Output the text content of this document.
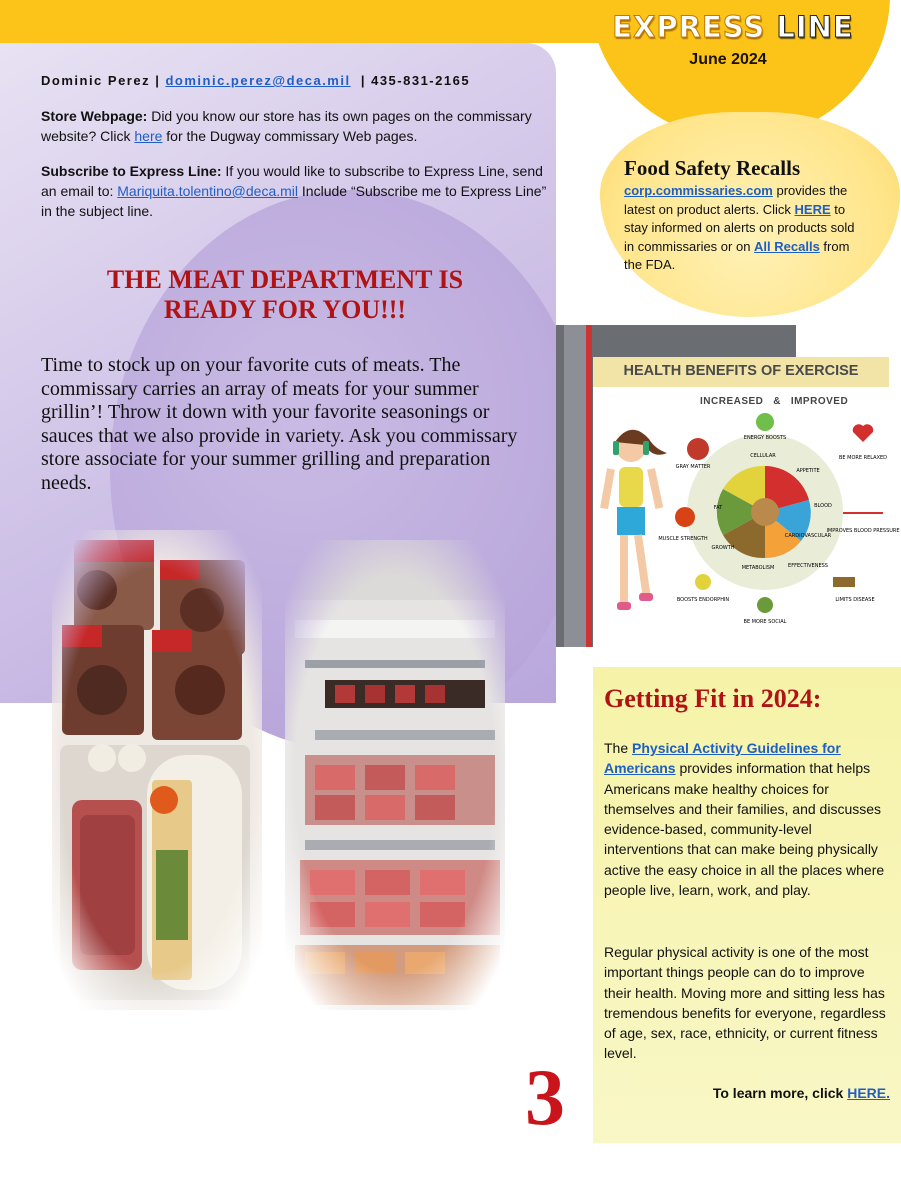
EXPRESS LINE
June 2024
Dominic Perez | dominic.perez@deca.mil | 435-831-2165
Store Webpage: Did you know our store has its own pages on the commissary website? Click here for the Dugway commissary Web pages.
Subscribe to Express Line: If you would like to subscribe to Express Line, send an email to: Mariquita.tolentino@deca.mil Include “Subscribe me to Express Line” in the subject line.
THE MEAT DEPARTMENT IS
READY FOR YOU!!!
Time to stock up on your favorite cuts of meats. The commissary carries an array of meats for your summer grillin’! Throw it down with your favorite seasonings or sauces that we also provide in variety. Ask you commissary store associate for your summer grilling and preparation needs.
Food Safety Recalls
corp.commissaries.com provides the latest on product alerts. Click HERE to stay informed on alerts on products sold in commissaries or on All Recalls from the FDA.
ENERGY BOOSTS
GRAY MATTER
BE MORE RELAXED
APPETITE
BLOOD
CARDIOVASCULAR
IMPROVES BLOOD PRESSURE
MUSCLE STRENGTH
EFFECTIVENESS
BOOSTS ENDORPHIN
BE MORE SOCIAL
LIMITS DISEASE
CELLULAR
FAT
GROWTH
METABOLISM
HEALTH BENEFITS OF EXERCISE
INCREASED & IMPROVED
Getting Fit in 2024:
The Physical Activity Guidelines for Americans provides information that helps Americans make healthy choices for themselves and their families, and discusses evidence-based, community-level interventions that can make being physically active the easy choice in all the places where people live, learn, work, and play.
Regular physical activity is one of the most important things people can do to improve their health. Moving more and sitting less has tremendous benefits for everyone, regardless of age, sex, race, ethnicity, or current fitness level.
To learn more, click HERE.
3
